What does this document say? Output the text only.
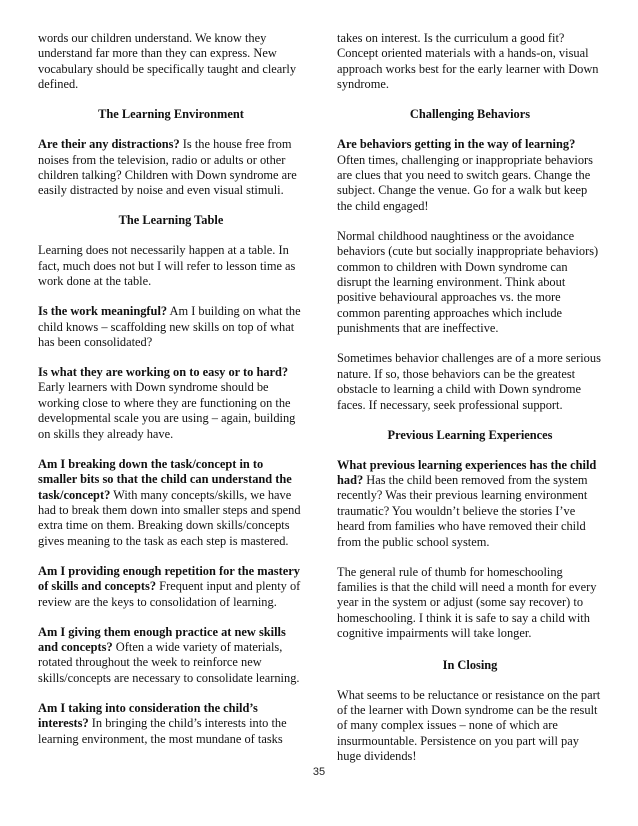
words our children understand. We know they understand far more than they can express. New vocabulary should be specifically taught and clearly defined.

The Learning Environment

Are their any distractions? Is the house free from noises from the television, radio or adults or other children talking? Children with Down syndrome are easily distracted by noise and even visual stimuli.

The Learning Table

Learning does not necessarily happen at a table. In fact, much does not but I will refer to lesson time as work done at the table.

Is the work meaningful? Am I building on what the child knows – scaffolding new skills on top of what has been consolidated?

Is what they are working on to easy or to hard? Early learners with Down syndrome should be working close to where they are functioning on the developmental scale you are using – again, building on skills they already have.

Am I breaking down the task/concept in to smaller bits so that the child can understand the task/concept? With many concepts/skills, we have had to break them down into smaller steps and spend extra time on them. Breaking down skills/concepts gives meaning to the task as each step is mastered.

Am I providing enough repetition for the mastery of skills and concepts? Frequent input and plenty of review are the keys to consolidation of learning.

Am I giving them enough practice at new skills and concepts? Often a wide variety of materials, rotated throughout the week to reinforce new skills/concepts are necessary to consolidate learning.

Am I taking into consideration the child’s interests? In bringing the child’s interests into the learning environment, the most mundane of tasks

takes on interest. Is the curriculum a good fit? Concept oriented materials with a hands-on, visual approach works best for the early learner with Down syndrome.

Challenging Behaviors

Are behaviors getting in the way of learning? Often times, challenging or inappropriate behaviors are clues that you need to switch gears. Change the subject. Change the venue. Go for a walk but keep the child engaged!

Normal childhood naughtiness or the avoidance behaviors (cute but socially inappropriate behaviors) common to children with Down syndrome can disrupt the learning environment. Think about positive behavioural approaches vs. the more common parenting approaches which include punishments that are ineffective.

Sometimes behavior challenges are of a more serious nature. If so, those behaviors can be the greatest obstacle to learning a child with Down syndrome faces. If necessary, seek professional support.

Previous Learning Experiences

What previous learning experiences has the child had? Has the child been removed from the system recently? Was their previous learning environment traumatic? You wouldn’t believe the stories I’ve heard from families who have removed their child from the public school system.

The general rule of thumb for homeschooling families is that the child will need a month for every year in the system or adjust (some say recover) to homeschooling. I think it is safe to say a child with cognitive impairments will take longer.

In Closing

What seems to be reluctance or resistance on the part of the learner with Down syndrome can be the result of many complex issues – none of which are insurmountable. Persistence on you part will pay huge dividends!

35
